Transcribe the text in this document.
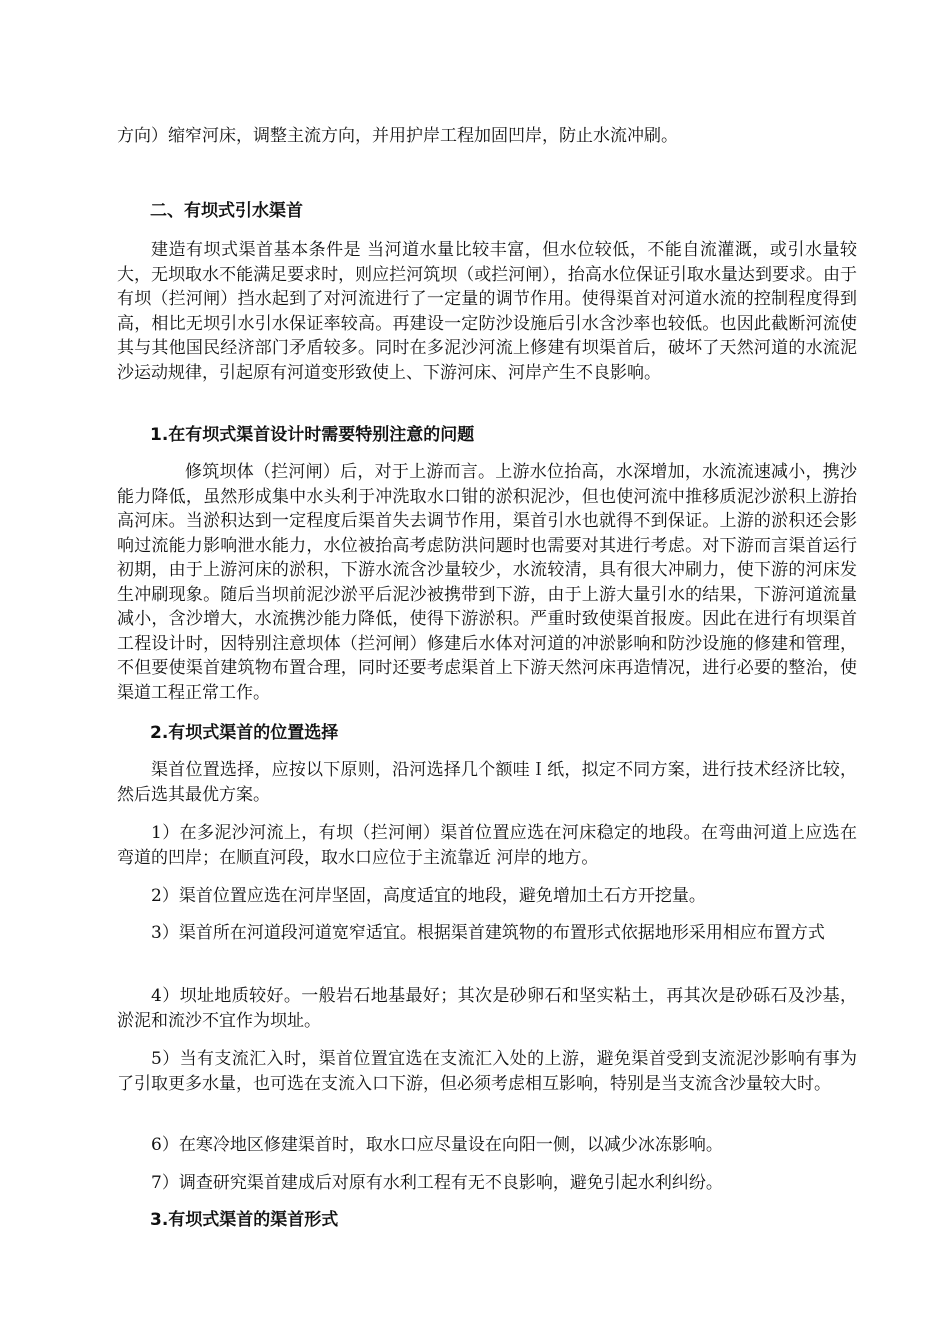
方向）缩窄河床，调整主流方向，并用护岸工程加固凹岸，防止水流冲刷。

二、有坝式引水渠首

建造有坝式渠首基本条件是 当河道水量比较丰富，但水位较低，不能自流灌溉，或引水量较大，无坝取水不能满足要求时，则应拦河筑坝（或拦河闸），抬高水位保证引取水量达到要求。由于有坝（拦河闸）挡水起到了对河流进行了一定量的调节作用。使得渠首对河道水流的控制程度得到高，相比无坝引水引水保证率较高。再建设一定防沙设施后引水含沙率也较低。也因此截断河流使其与其他国民经济部门矛盾较多。同时在多泥沙河流上修建有坝渠首后，破坏了天然河道的水流泥沙运动规律，引起原有河道变形致使上、下游河床、河岸产生不良影响。

1.在有坝式渠首设计时需要特别注意的问题

修筑坝体（拦河闸）后，对于上游而言。上游水位抬高，水深增加，水流流速减小，携沙能力降低，虽然形成集中水头利于冲洗取水口钳的淤积泥沙，但也使河流中推移质泥沙淤积上游抬高河床。当淤积达到一定程度后渠首失去调节作用，渠首引水也就得不到保证。上游的淤积还会影响过流能力影响泄水能力，水位被抬高考虑防洪问题时也需要对其进行考虑。对下游而言渠首运行初期，由于上游河床的淤积，下游水流含沙量较少，水流较清，具有很大冲刷力，使下游的河床发生冲刷现象。随后当坝前泥沙淤平后泥沙被携带到下游，由于上游大量引水的结果，下游河道流量减小，含沙增大，水流携沙能力降低，使得下游淤积。严重时致使渠首报废。因此在进行有坝渠首工程设计时，因特别注意坝体（拦河闸）修建后水体对河道的冲淤影响和防沙设施的修建和管理，不但要使渠首建筑物布置合理，同时还要考虑渠首上下游天然河床再造情况，进行必要的整治，使渠道工程正常工作。

2.有坝式渠首的位置选择

渠首位置选择，应按以下原则，沿河选择几个额哇Ｉ纸，拟定不同方案，进行技术经济比较，然后选其最优方案。

1）在多泥沙河流上，有坝（拦河闸）渠首位置应选在河床稳定的地段。在弯曲河道上应选在弯道的凹岸；在顺直河段，取水口应位于主流靠近 河岸的地方。

2）渠首位置应选在河岸坚固，高度适宜的地段，避免增加土石方开挖量。

3）渠首所在河道段河道宽窄适宜。根据渠首建筑物的布置形式依据地形采用相应布置方式

4）坝址地质较好。一般岩石地基最好；其次是砂卵石和坚实粘土，再其次是砂砾石及沙基，淤泥和流沙不宜作为坝址。

5）当有支流汇入时，渠首位置宜选在支流汇入处的上游，避免渠首受到支流泥沙影响有事为了引取更多水量，也可选在支流入口下游，但必须考虑相互影响，特别是当支流含沙量较大时。

6）在寒冷地区修建渠首时，取水口应尽量设在向阳一侧，以减少冰冻影响。

7）调查研究渠首建成后对原有水利工程有无不良影响，避免引起水利纠纷。

3.有坝式渠首的渠首形式
